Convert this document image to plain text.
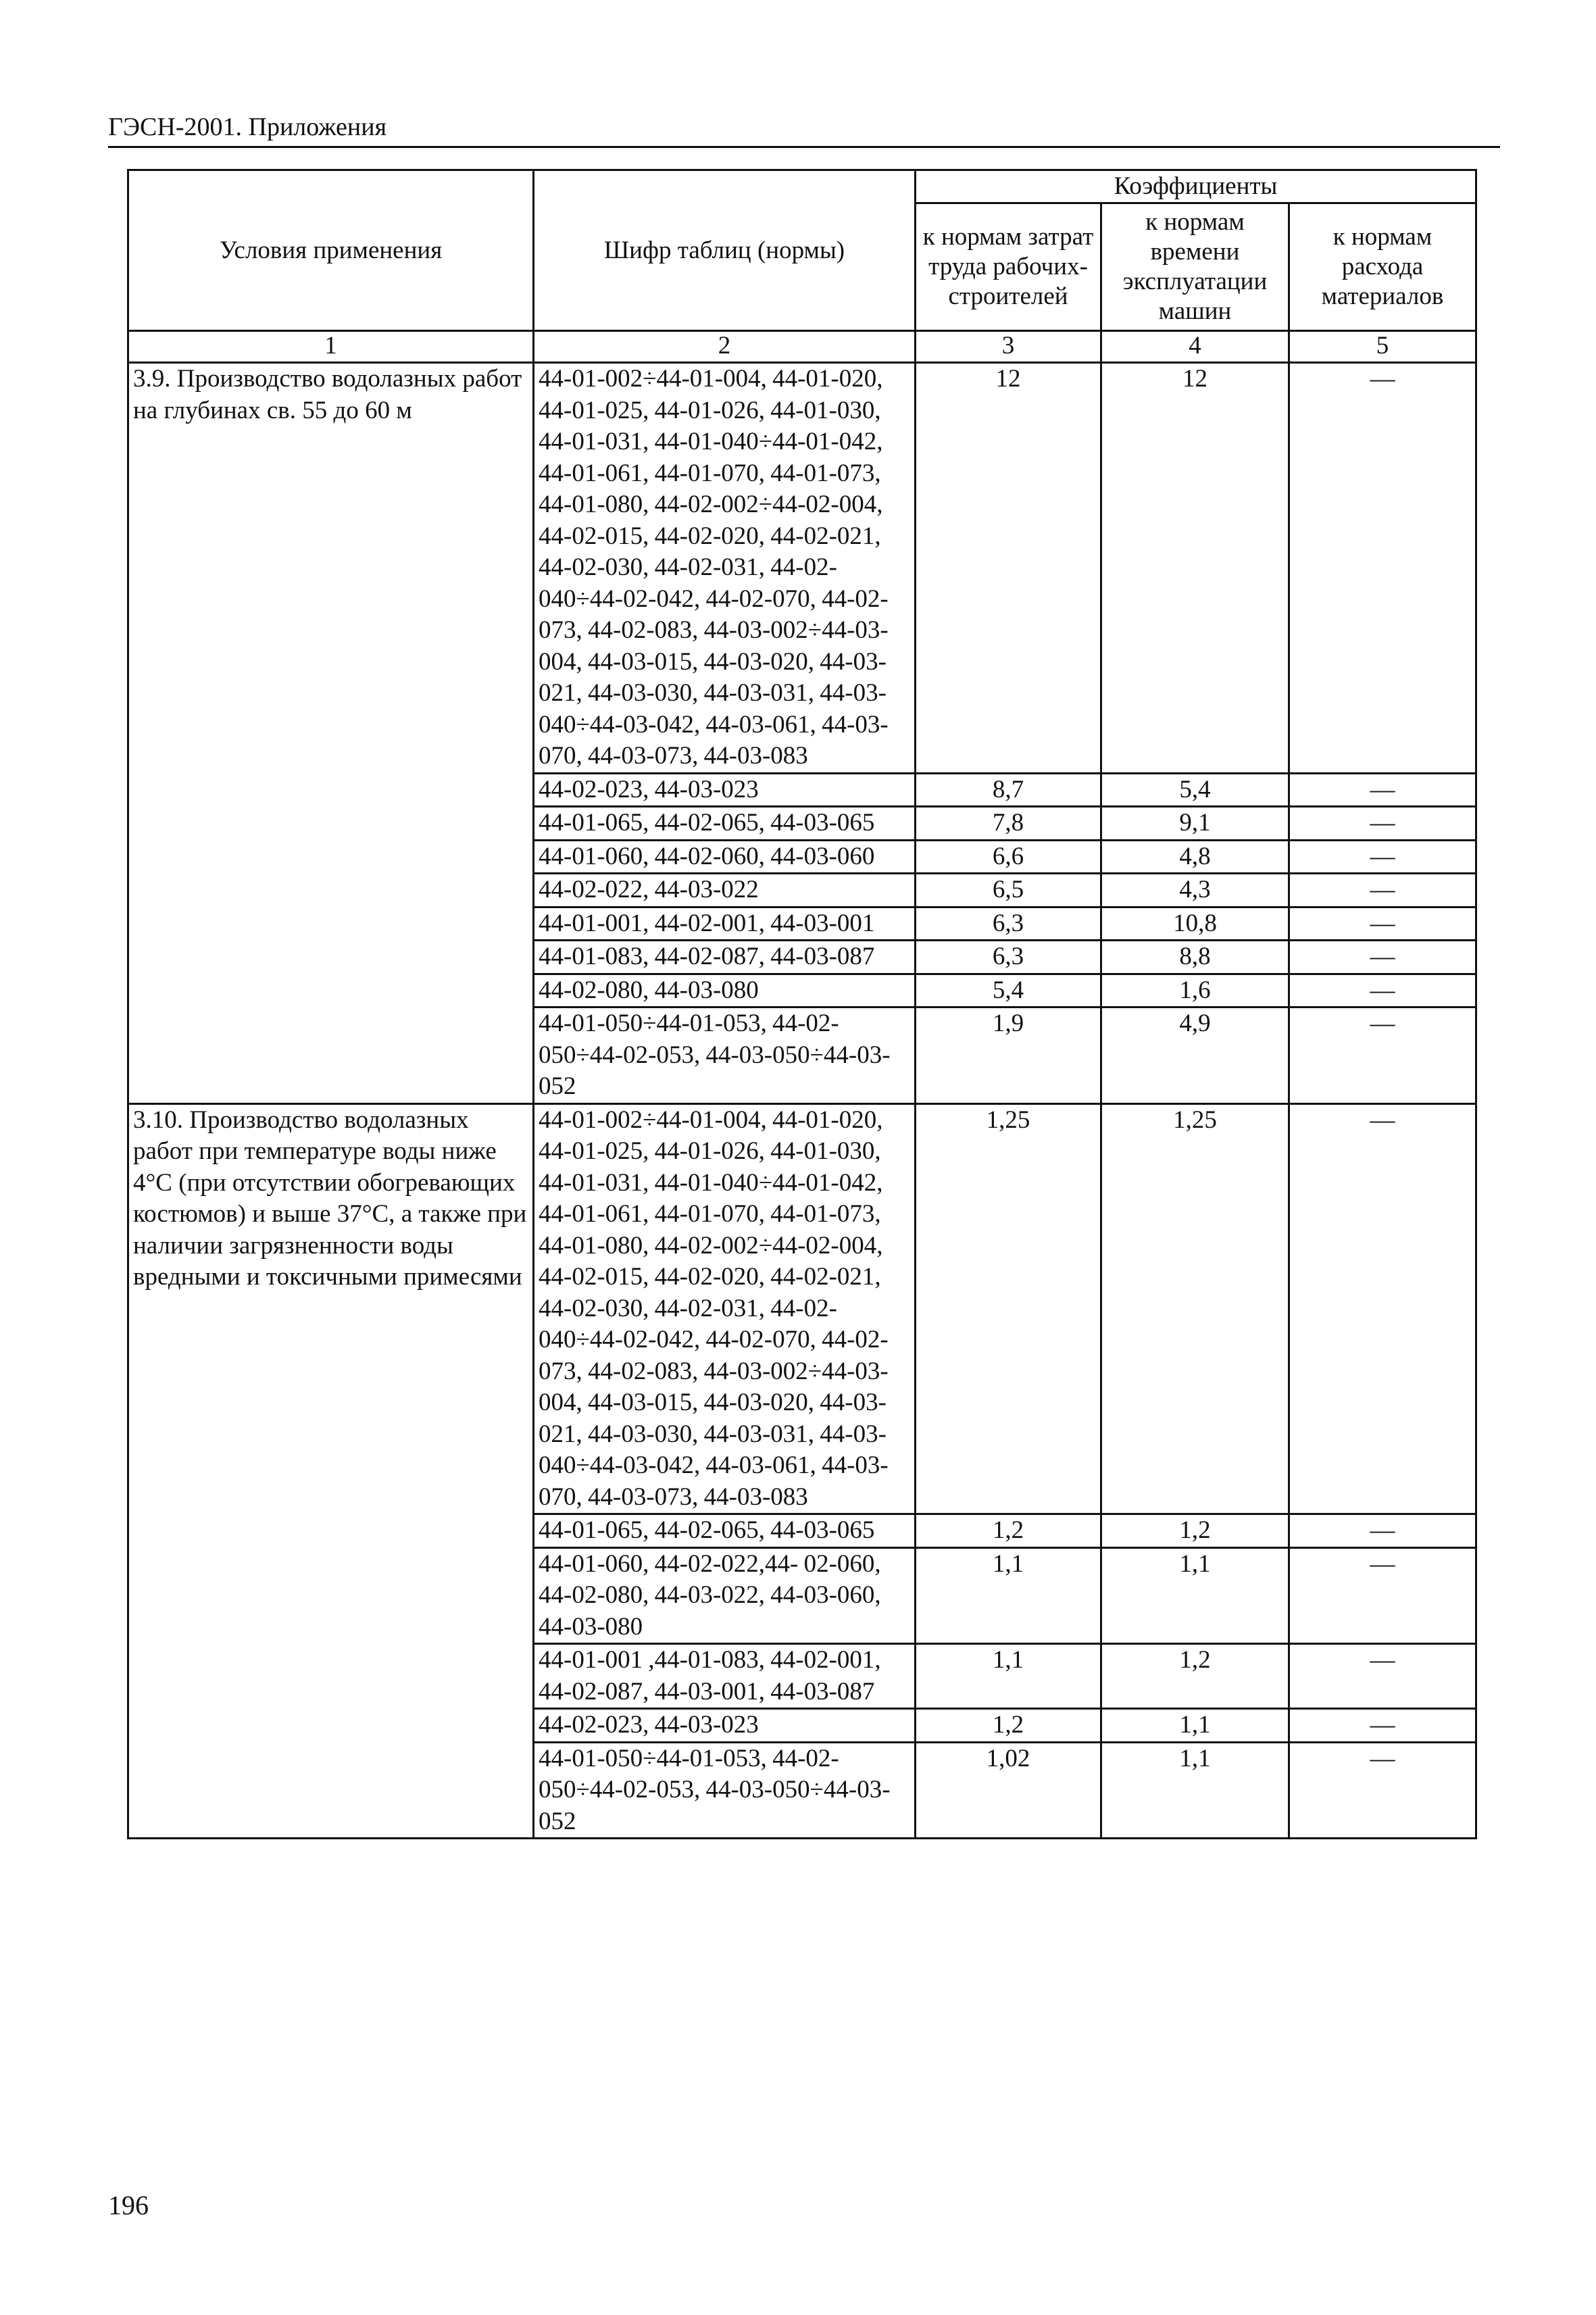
ГЭСН-2001. Приложения
Условия применения	Шифр таблиц (нормы)	Коэффициенты		
		к нормам затрат труда рабочих-строителей	к нормам времени эксплуатации машин	к нормам расхода материалов
1	2	3	4	5
3.9. Производство водолазных работ на глубинах св. 55 до 60 м	44-01-002÷44-01-004, 44-01-020, 44-01-025, 44-01-026, 44-01-030, 44-01-031, 44-01-040÷44-01-042, 44-01-061, 44-01-070, 44-01-073, 44-01-080, 44-02-002÷44-02-004, 44-02-015, 44-02-020, 44-02-021, 44-02-030, 44-02-031, 44-02-040÷44-02-042, 44-02-070, 44-02-073, 44-02-083, 44-03-002÷44-03-004, 44-03-015, 44-03-020, 44-03-021, 44-03-030, 44-03-031, 44-03-040÷44-03-042, 44-03-061, 44-03-070, 44-03-073, 44-03-083	12	12	—
	44-02-023, 44-03-023	8,7	5,4	—
	44-01-065, 44-02-065, 44-03-065	7,8	9,1	—
	44-01-060, 44-02-060, 44-03-060	6,6	4,8	—
	44-02-022, 44-03-022	6,5	4,3	—
	44-01-001, 44-02-001, 44-03-001	6,3	10,8	—
	44-01-083, 44-02-087, 44-03-087	6,3	8,8	—
	44-02-080, 44-03-080	5,4	1,6	—
	44-01-050÷44-01-053, 44-02-050÷44-02-053, 44-03-050÷44-03-052	1,9	4,9	—
3.10. Производство водолазных работ при температуре воды ниже 4°С (при отсутствии обогревающих костюмов) и выше 37°С, а также при наличии загрязненности воды вредными и токсичными примесями	44-01-002÷44-01-004, 44-01-020, 44-01-025, 44-01-026, 44-01-030, 44-01-031, 44-01-040÷44-01-042, 44-01-061, 44-01-070, 44-01-073, 44-01-080, 44-02-002÷44-02-004, 44-02-015, 44-02-020, 44-02-021, 44-02-030, 44-02-031, 44-02-040÷44-02-042, 44-02-070, 44-02-073, 44-02-083, 44-03-002÷44-03-004, 44-03-015, 44-03-020, 44-03-021, 44-03-030, 44-03-031, 44-03-040÷44-03-042, 44-03-061, 44-03-070, 44-03-073, 44-03-083	1,25	1,25	—
	44-01-065, 44-02-065, 44-03-065	1,2	1,2	—
	44-01-060, 44-02-022,44- 02-060, 44-02-080, 44-03-022, 44-03-060, 44-03-080	1,1	1,1	—
	44-01-001 ,44-01-083, 44-02-001, 44-02-087, 44-03-001, 44-03-087	1,1	1,2	—
	44-02-023, 44-03-023	1,2	1,1	—
	44-01-050÷44-01-053, 44-02-050÷44-02-053, 44-03-050÷44-03-052	1,02	1,1	—
196
